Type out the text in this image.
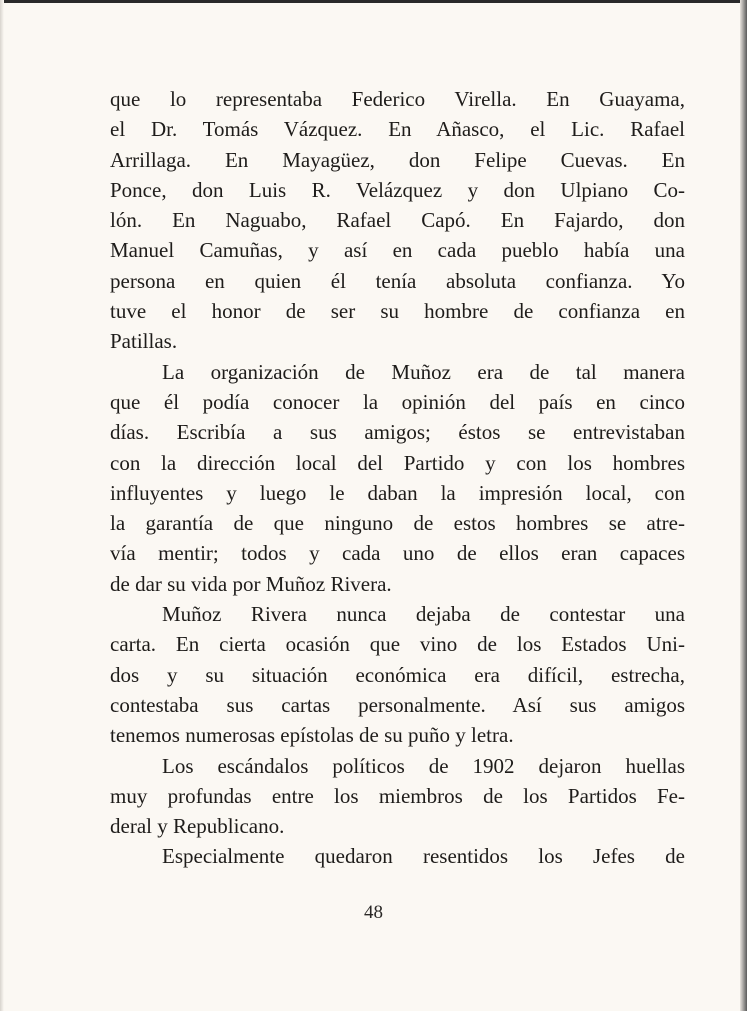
que lo representaba Federico Virella. En Guayama,
el Dr. Tomás Vázquez. En Añasco, el Lic. Rafael
Arrillaga. En Mayagüez, don Felipe Cuevas. En
Ponce, don Luis R. Velázquez y don Ulpiano Co-
lón. En Naguabo, Rafael Capó. En Fajardo, don
Manuel Camuñas, y así en cada pueblo había una
persona en quien él tenía absoluta confianza. Yo
tuve el honor de ser su hombre de confianza en
Patillas.
La organización de Muñoz era de tal manera
que él podía conocer la opinión del país en cinco
días. Escribía a sus amigos; éstos se entrevistaban
con la dirección local del Partido y con los hombres
influyentes y luego le daban la impresión local, con
la garantía de que ninguno de estos hombres se atre-
vía mentir; todos y cada uno de ellos eran capaces
de dar su vida por Muñoz Rivera.
Muñoz Rivera nunca dejaba de contestar una
carta. En cierta ocasión que vino de los Estados Uni-
dos y su situación económica era difícil, estrecha,
contestaba sus cartas personalmente. Así sus amigos
tenemos numerosas epístolas de su puño y letra.
Los escándalos políticos de 1902 dejaron huellas
muy profundas entre los miembros de los Partidos Fe-
deral y Republicano.
Especialmente quedaron resentidos los Jefes de
48
